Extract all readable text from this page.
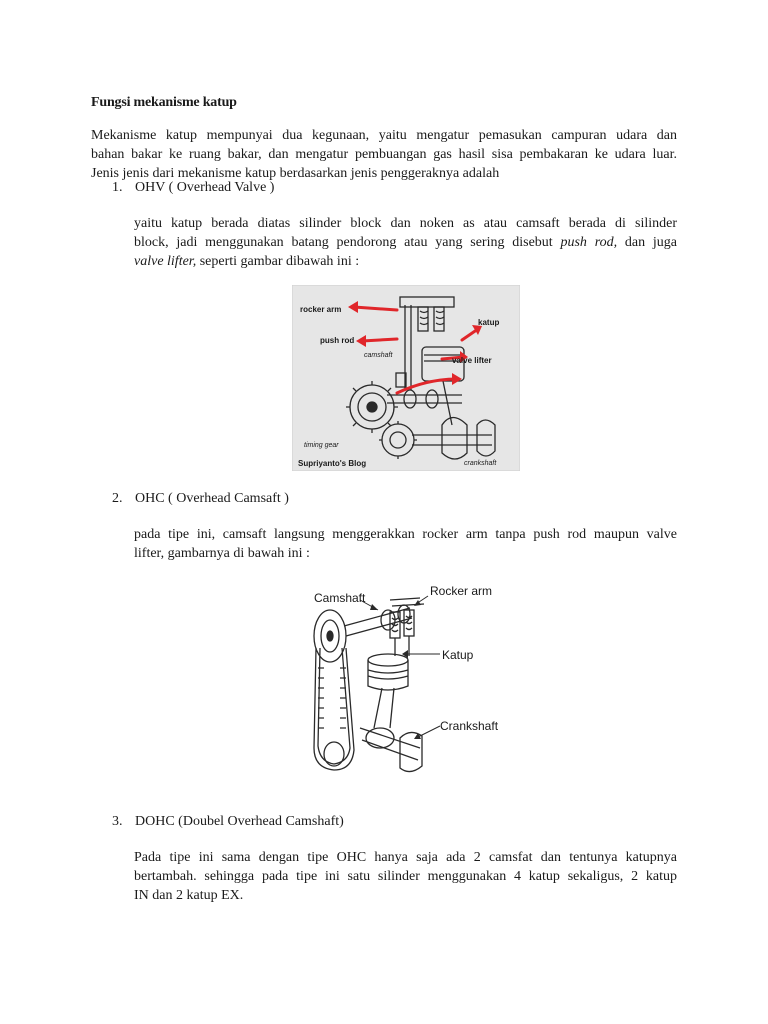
Fungsi mekanisme katup
Mekanisme katup mempunyai dua kegunaan, yaitu mengatur pemasukan campuran udara dan
bahan bakar ke ruang bakar, dan mengatur pembuangan gas hasil sisa pembakaran ke udara luar.
Jenis jenis dari mekanisme katup berdasarkan jenis penggeraknya adalah
1. OHV ( Overhead Valve )
yaitu katup berada diatas silinder block dan noken as atau camsaft berada di silinder
block, jadi menggunakan batang pendorong atau yang sering disebut push rod, dan juga
valve lifter, seperti gambar dibawah ini :
rocker arm
push rod
camshaft
katup
valve lifter
timing gear
crankshaft
Supriyanto's Blog
2. OHC ( Overhead Camsaft )
pada tipe ini, camsaft langsung menggerakkan rocker arm tanpa push rod maupun valve
lifter, gambarnya di bawah ini :
Camshaft	Rocker arm
Katup
Crankshaft
3. DOHC (Doubel Overhead Camshaft)
Pada tipe ini sama dengan tipe OHC hanya saja ada 2 camsfat dan tentunya katupnya
bertambah. sehingga pada tipe ini satu silinder menggunakan 4 katup sekaligus, 2 katup
IN dan 2 katup EX.
